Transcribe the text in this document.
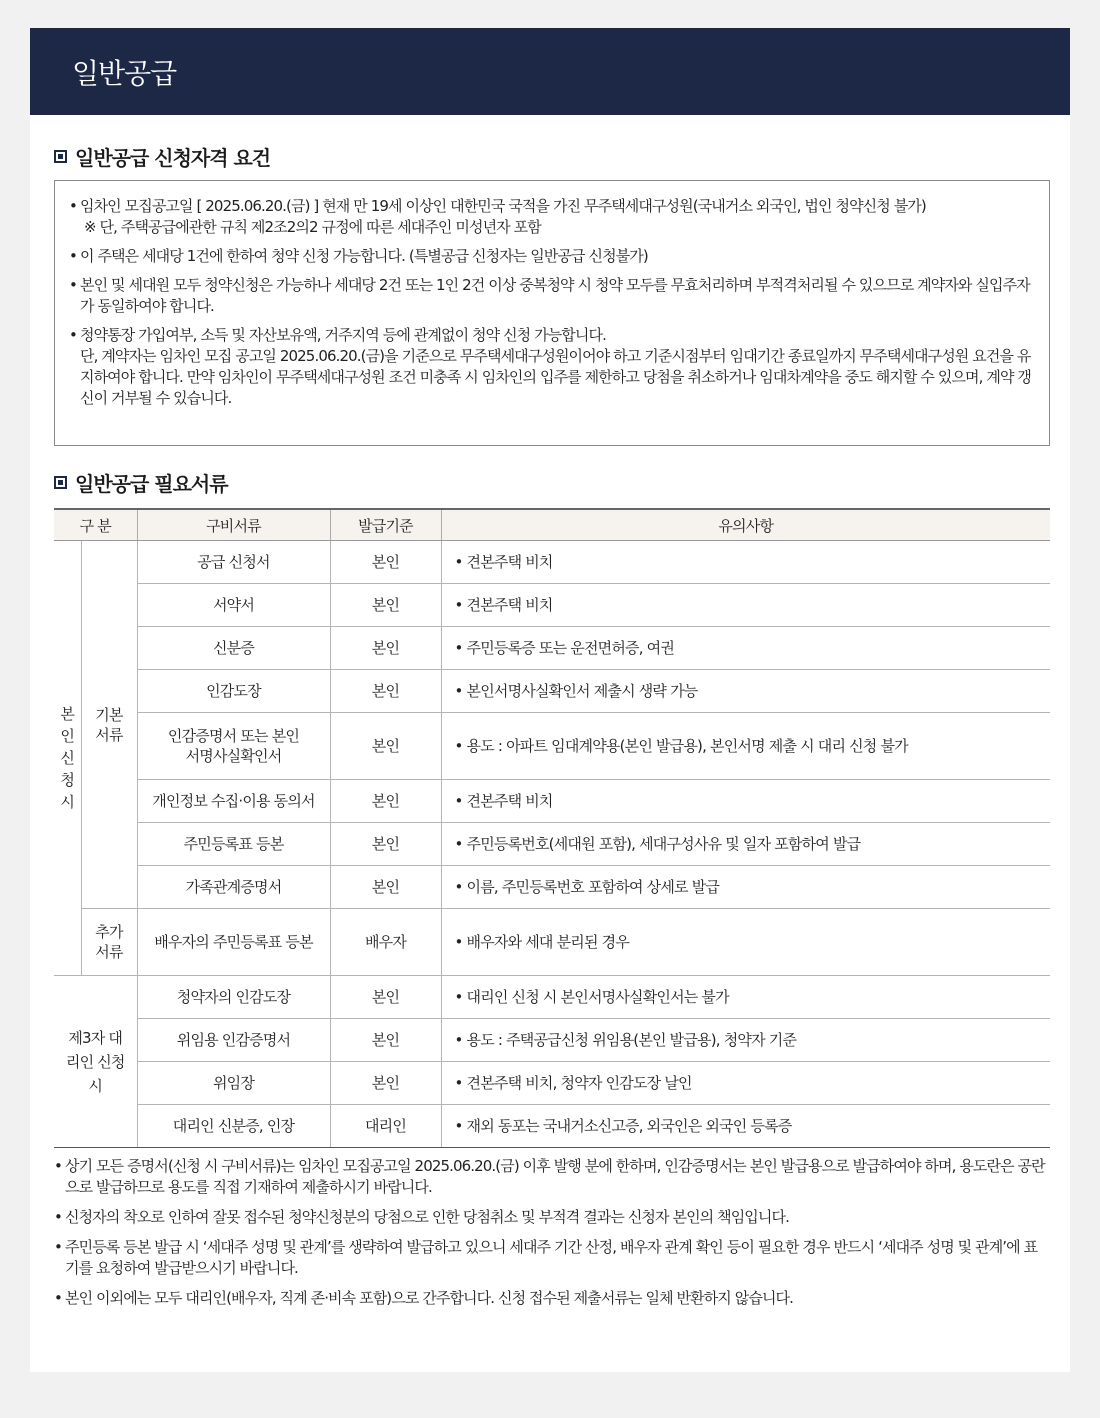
일반공급
일반공급 신청자격 요건
• 임차인 모집공고일 [ 2025.06.20.(금) ] 현재 만 19세 이상인 대한민국 국적을 가진 무주택세대구성원(국내거소 외국인, 법인 청약신청 불가)
※ 단, 주택공급에관한 규칙 제2조2의2 규정에 따른 세대주인 미성년자 포함
• 이 주택은 세대당 1건에 한하여 청약 신청 가능합니다. (특별공급 신청자는 일반공급 신청불가)
• 본인 및 세대원 모두 청약신청은 가능하나 세대당 2건 또는 1인 2건 이상 중복청약 시 청약 모두를 무효처리하며 부적격처리될 수 있으므로 계약자와 실입주자가 동일하여야 합니다.
• 청약통장 가입여부, 소득 및 자산보유액, 거주지역 등에 관계없이 청약 신청 가능합니다.
단, 계약자는 임차인 모집 공고일 2025.06.20.(금)을 기준으로 무주택세대구성원이어야 하고 기준시점부터 임대기간 종료일까지 무주택세대구성원 요건을 유지하여야 합니다. 만약 임차인이 무주택세대구성원 조건 미충족 시 임차인의 입주를 제한하고 당첨을 취소하거나 임대차계약을 중도 해지할 수 있으며, 계약 갱신이 거부될 수 있습니다.
일반공급 필요서류
구 분		구비서류	발급기준	유의사항
본인 신청 시	기본 서류	공급 신청서	본인	• 견본주택 비치
		서약서	본인	• 견본주택 비치
		신분증	본인	• 주민등록증 또는 운전면허증, 여권
		인감도장	본인	• 본인서명사실확인서 제출시 생략 가능
		인감증명서 또는 본인서명사실확인서	본인	• 용도 : 아파트 임대계약용(본인 발급용), 본인서명 제출 시 대리 신청 불가
		개인정보 수집·이용 동의서	본인	• 견본주택 비치
		주민등록표 등본	본인	• 주민등록번호(세대원 포함), 세대구성사유 및 일자 포함하여 발급
		가족관계증명서	본인	• 이름, 주민등록번호 포함하여 상세로 발급
	추가 서류	배우자의 주민등록표 등본	배우자	• 배우자와 세대 분리된 경우
제3자 대리인 신청 시		청약자의 인감도장	본인	• 대리인 신청 시 본인서명사실확인서는 불가
		위임용 인감증명서	본인	• 용도 : 주택공급신청 위임용(본인 발급용), 청약자 기준
		위임장	본인	• 견본주택 비치, 청약자 인감도장 날인
		대리인 신분증, 인장	대리인	• 재외 동포는 국내거소신고증, 외국인은 외국인 등록증
• 상기 모든 증명서(신청 시 구비서류)는 임차인 모집공고일 2025.06.20.(금) 이후 발행 분에 한하며, 인감증명서는 본인 발급용으로 발급하여야 하며, 용도란은 공란으로 발급하므로 용도를 직접 기재하여 제출하시기 바랍니다.
• 신청자의 착오로 인하여 잘못 접수된 청약신청분의 당첨으로 인한 당첨취소 및 부적격 결과는 신청자 본인의 책임입니다.
• 주민등록 등본 발급 시 ‘세대주 성명 및 관계’를 생략하여 발급하고 있으니 세대주 기간 산정, 배우자 관계 확인 등이 필요한 경우 반드시 ‘세대주 성명 및 관계’에 표기를 요청하여 발급받으시기 바랍니다.
• 본인 이외에는 모두 대리인(배우자, 직계 존·비속 포함)으로 간주합니다. 신청 접수된 제출서류는 일체 반환하지 않습니다.
